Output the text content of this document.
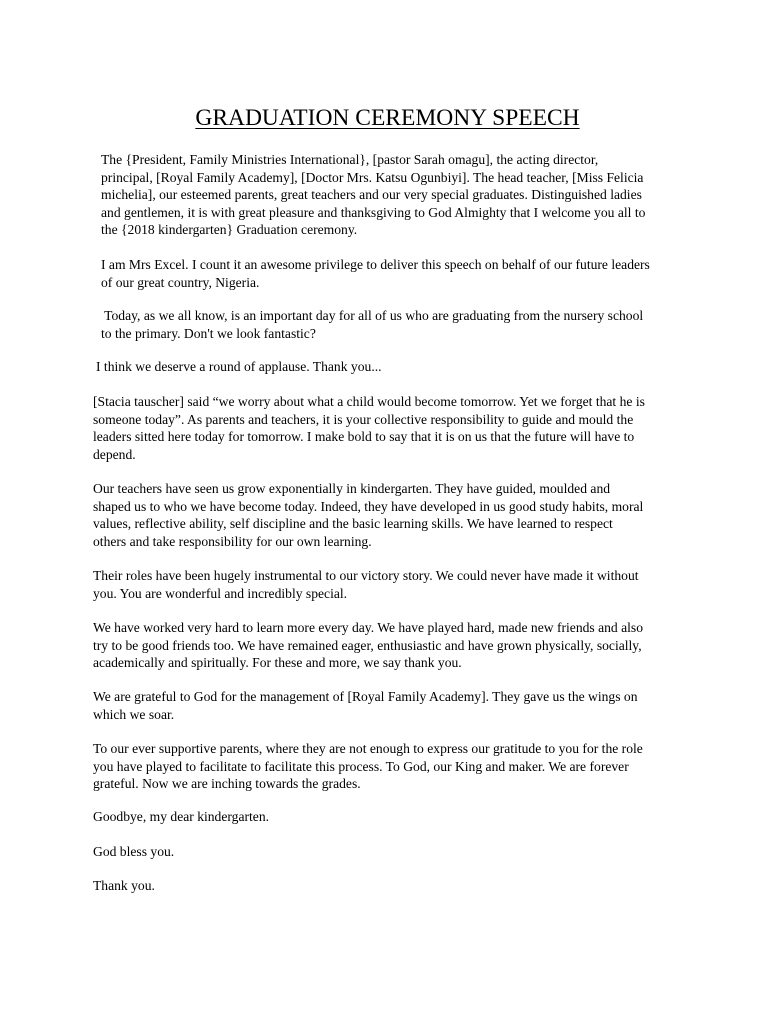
GRADUATION CEREMONY SPEECH

The {President, Family Ministries International}, [pastor Sarah omagu], the acting director,
principal, [Royal Family Academy], [Doctor Mrs. Katsu Ogunbiyi]. The head teacher, [Miss Felicia
michelia], our esteemed parents, great teachers and our very special graduates. Distinguished ladies
and gentlemen, it is with great pleasure and thanksgiving to God Almighty that I welcome you all to
the {2018 kindergarten} Graduation ceremony.

I am Mrs Excel. I count it an awesome privilege to deliver this speech on behalf of our future leaders
of our great country, Nigeria.

Today, as we all know, is an important day for all of us who are graduating from the nursery school
to the primary. Don't we look fantastic?

I think we deserve a round of applause. Thank you...

[Stacia tauscher] said “we worry about what a child would become tomorrow. Yet we forget that he is
someone today”. As parents and teachers, it is your collective responsibility to guide and mould the
leaders sitted here today for tomorrow. I make bold to say that it is on us that the future will have to
depend.

Our teachers have seen us grow exponentially in kindergarten. They have guided, moulded and
shaped us to who we have become today. Indeed, they have developed in us good study habits, moral
values, reflective ability, self discipline and the basic learning skills. We have learned to respect
others and take responsibility for our own learning.

Their roles have been hugely instrumental to our victory story. We could never have made it without
you. You are wonderful and incredibly special.

We have worked very hard to learn more every day. We have played hard, made new friends and also
try to be good friends too. We have remained eager, enthusiastic and have grown physically, socially,
academically and spiritually. For these and more, we say thank you.

We are grateful to God for the management of [Royal Family Academy]. They gave us the wings on
which we soar.

To our ever supportive parents, where they are not enough to express our gratitude to you for the role
you have played to facilitate to facilitate this process. To God, our King and maker. We are forever
grateful. Now we are inching towards the grades.

Goodbye, my dear kindergarten.

God bless you.

Thank you.
